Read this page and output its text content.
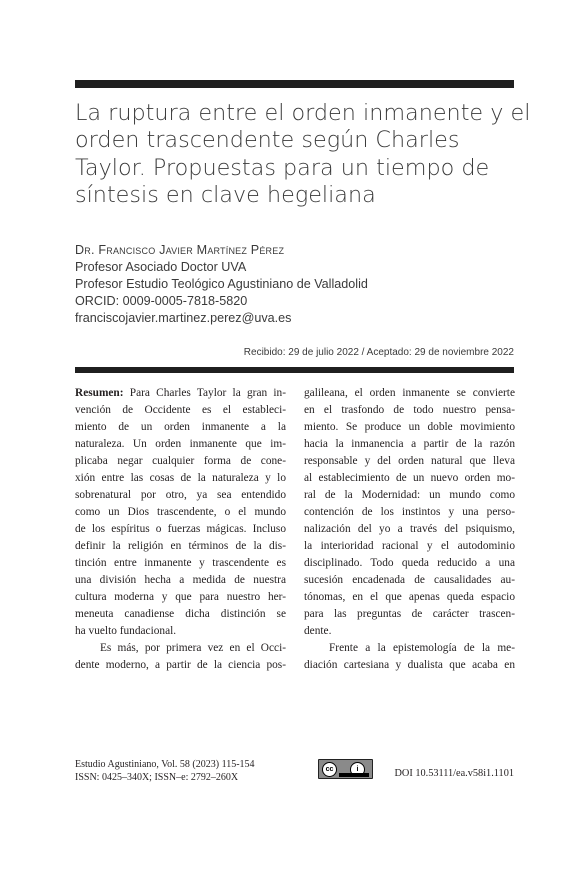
La ruptura entre el orden inmanente y el
orden trascendente según Charles
Taylor. Propuestas para un tiempo de
síntesis en clave hegeliana
Dr. Francisco Javier Martínez Pérez
Profesor Asociado Doctor UVA
Profesor Estudio Teológico Agustiniano de Valladolid
ORCID: 0009-0005-7818-5820
franciscojavier.martinez.perez@uva.es
Recibido: 29 de julio 2022 / Aceptado: 29 de noviembre 2022

Resumen: Para Charles Taylor la gran in-
vención de Occidente es el estableci-
miento de un orden inmanente a la
naturaleza. Un orden inmanente que im-
plicaba negar cualquier forma de cone-
xión entre las cosas de la naturaleza y lo
sobrenatural por otro, ya sea entendido
como un Dios trascendente, o el mundo
de los espíritus o fuerzas mágicas. Incluso
definir la religión en términos de la dis-
tinción entre inmanente y trascendente es
una división hecha a medida de nuestra
cultura moderna y que para nuestro her-
meneuta canadiense dicha distinción se
ha vuelto fundacional.

Es más, por primera vez en el Occi-
dente moderno, a partir de la ciencia pos-

galileana, el orden inmanente se convierte
en el trasfondo de todo nuestro pensa-
miento. Se produce un doble movimiento
hacia la inmanencia a partir de la razón
responsable y del orden natural que lleva
al establecimiento de un nuevo orden mo-
ral de la Modernidad: un mundo como
contención de los instintos y una perso-
nalización del yo a través del psiquismo,
la interioridad racional y el autodominio
disciplinado. Todo queda reducido a una
sucesión encadenada de causalidades au-
tónomas, en el que apenas queda espacio
para las preguntas de carácter trascen-
dente.

Frente a la epistemología de la me-
diación cartesiana y dualista que acaba en

Estudio Agustiniano, Vol. 58 (2023) 115-154
ISSN: 0425–340X; ISSN–e: 2792–260X
cc	i	DOI 10.53111/ea.v58i1.1101
